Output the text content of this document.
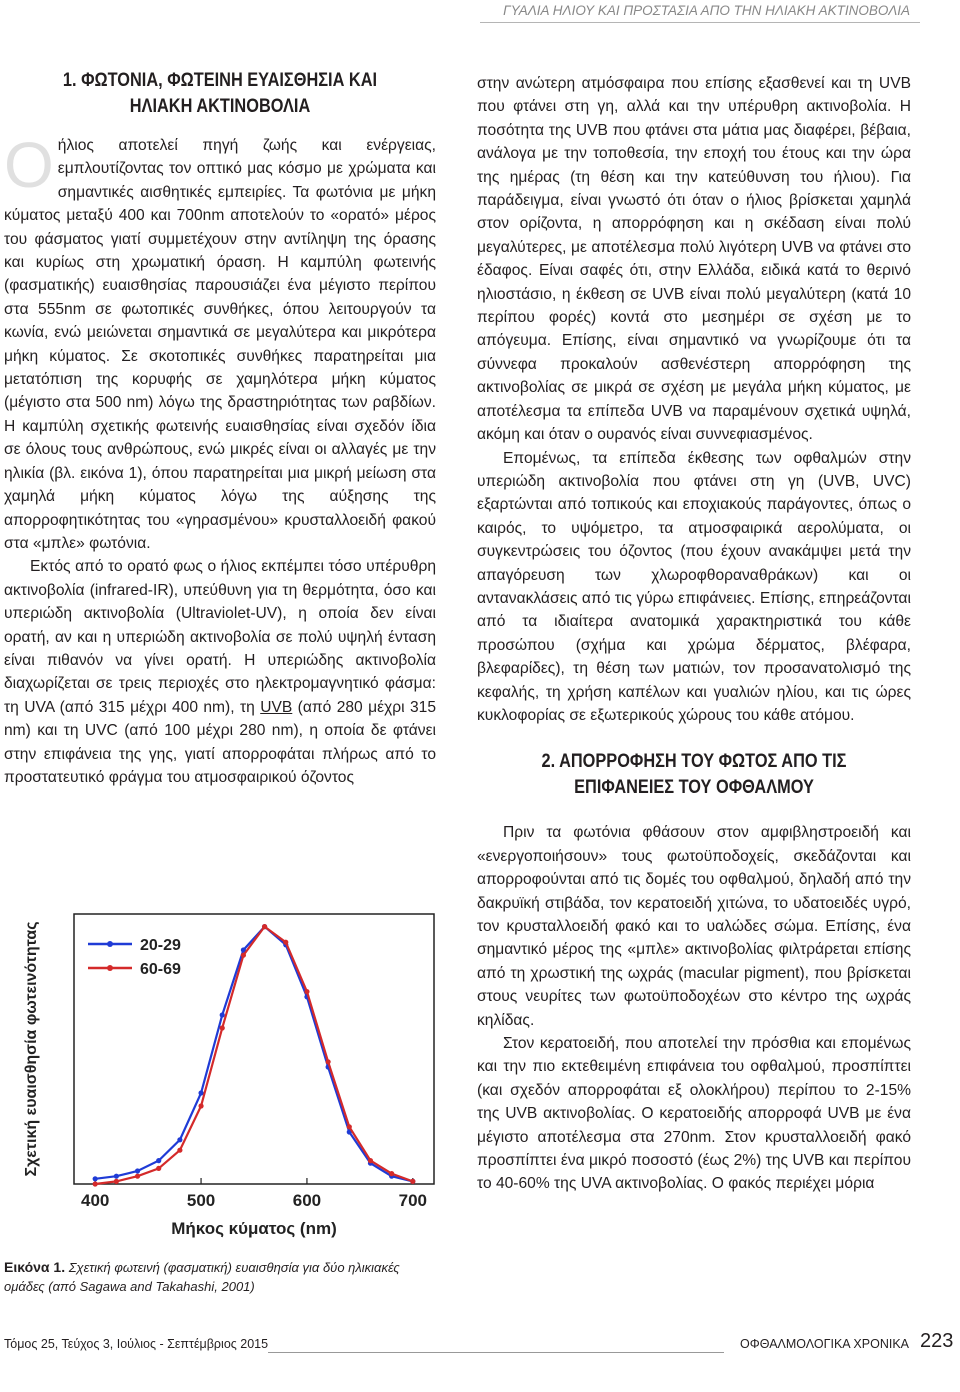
ΓΥΑΛΙΑ ΗΛΙΟΥ ΚΑΙ ΠΡΟΣΤΑΣΙΑ ΑΠΟ ΤΗΝ ΗΛΙΑΚΗ ΑΚΤΙΝΟΒΟΛΙΑ
1. ΦΩΤΟΝΙΑ, ΦΩΤΕΙΝΗ ΕΥΑΙΣΘΗΣΙΑ ΚΑΙ ΗΛΙΑΚΗ ΑΚΤΙΝΟΒΟΛΙΑ

Οήλιος αποτελεί πηγή ζωής και ενέργειας, εμπλουτίζοντας τον οπτικό μας κόσμο με χρώματα και σημαντικές αισθητικές εμπειρίες. Τα φωτόνια με μήκη κύματος μεταξύ 400 και 700nm αποτελούν το «ορατό» μέρος του φάσματος γιατί συμμετέχουν στην αντίληψη της όρασης και κυρίως στη χρωματική όραση. Η καμπύλη φωτεινής (φασματικής) ευαισθησίας παρουσιάζει ένα μέγιστο περίπου στα 555nm σε φωτοπικές συνθήκες, όπου λειτουργούν τα κωνία, ενώ μειώνεται σημαντικά σε μεγαλύτερα και μικρότερα μήκη κύματος. Σε σκοτοπικές συνθήκες παρατηρείται μια μετατόπιση της κορυφής σε χαμηλότερα μήκη κύματος (μέγιστο στα 500 nm) λόγω της δραστηριότητας των ραβδίων. Η καμπύλη σχετικής φωτεινής ευαισθησίας είναι σχεδόν ίδια σε όλους τους ανθρώπους, ενώ μικρές είναι οι αλλαγές με την ηλικία (βλ. εικόνα 1), όπου παρατηρείται μια μικρή μείωση στα χαμηλά μήκη κύματος λόγω της αύξησης της απορροφητικότητας του «γηρασμένου» κρυσταλλοειδή φακού στα «μπλε» φωτόνια.

Εκτός από το ορατό φως ο ήλιος εκπέμπει τόσο υπέρυθρη ακτινοβολία (infrared-IR), υπεύθυνη για τη θερμότητα, όσο και υπεριώδη ακτινοβολία (Ultraviolet-UV), η οποία δεν είναι ορατή, αν και η υπεριώδη ακτινοβολία σε πολύ υψηλή ένταση είναι πιθανόν να γίνει ορατή. Η υπεριώδης ακτινοβολία διαχωρίζεται σε τρεις περιοχές στο ηλεκτρομαγνητικό φάσμα: τη UVA (από 315 μέχρι 400 nm), τη UVB (από 280 μέχρι 315 nm) και τη UVC (από 100 μέχρι 280 nm), η οποία δε φτάνει στην επιφάνεια της γης, γιατί απορροφάται πλήρως από το προστατευτικό φράγμα του ατμοσφαιρικού όζοντος

στην ανώτερη ατμόσφαιρα που επίσης εξασθενεί και τη UVB που φτάνει στη γη, αλλά και την υπέρυθρη ακτινοβολία. Η ποσότητα της UVB που φτάνει στα μάτια μας διαφέρει, βέβαια, ανάλογα με την τοποθεσία, την εποχή του έτους και την ώρα της ημέρας (τη θέση και την κατεύθυνση του ήλιου). Για παράδειγμα, είναι γνωστό ότι όταν ο ήλιος βρίσκεται χαμηλά στον ορίζοντα, η απορρόφηση και η σκέδαση είναι πολύ μεγαλύτερες, με αποτέλεσμα πολύ λιγότερη UVB να φτάνει στο έδαφος. Είναι σαφές ότι, στην Ελλάδα, ειδικά κατά το θερινό ηλιοστάσιο, η έκθεση σε UVB είναι πολύ μεγαλύτερη (κατά 10 περίπου φορές) κοντά στο μεσημέρι σε σχέση με το απόγευμα. Επίσης, είναι σημαντικό να γνωρίζουμε ότι τα σύννεφα προκαλούν ασθενέστερη απορρόφηση της ακτινοβολίας σε μικρά σε σχέση με μεγάλα μήκη κύματος, με αποτέλεσμα τα επίπεδα UVB να παραμένουν σχετικά υψηλά, ακόμη και όταν ο ουρανός είναι συννεφιασμένος.

Επομένως, τα επίπεδα έκθεσης των οφθαλμών στην υπεριώδη ακτινοβολία που φτάνει στη γη (UVB, UVC) εξαρτώνται από τοπικούς και εποχιακούς παράγοντες, όπως ο καιρός, το υψόμετρο, τα ατμοσφαιρικά αερολύματα, οι συγκεντρώσεις του όζοντος (που έχουν ανακάμψει μετά την απαγόρευση των χλωροφθοραναθράκων) και οι αντανακλάσεις από τις γύρω επιφάνειες. Επίσης, επηρεάζονται από τα ιδιαίτερα ανατομικά χαρακτηριστικά του κάθε προσώπου (σχήμα και χρώμα δέρματος, βλέφαρα, βλεφαρίδες), τη θέση των ματιών, τον προσανατολισμό της κεφαλής, τη χρήση καπέλων και γυαλιών ηλίου, και τις ώρες κυκλοφορίας σε εξωτερικούς χώρους του κάθε ατόμου.

2. ΑΠΟΡΡΟΦΗΣΗ ΤΟΥ ΦΩΤΟΣ ΑΠΟ ΤΙΣ ΕΠΙΦΑΝΕΙΕΣ ΤΟΥ ΟΦΘΑΛΜΟΥ

Πριν τα φωτόνια φθάσουν στον αμφιβληστροειδή και «ενεργοποιήσουν» τους φωτοϋποδοχείς, σκεδάζονται και απορροφούνται από τις δομές του οφθαλμού, δηλαδή από την δακρυϊκή στιβάδα, τον κερατοειδή χιτώνα, το υδατοειδές υγρό, τον κρυσταλλοειδή φακό και το υαλώδες σώμα. Επίσης, ένα σημαντικό μέρος της «μπλε» ακτινοβολίας φιλτράρεται επίσης από τη χρωστική της ωχράς (macular pigment), που βρίσκεται στους νευρίτες των φωτοϋποδοχέων στο κέντρο της ωχράς κηλίδας.

Στον κερατοειδή, που αποτελεί την πρόσθια και επομένως και την πιο εκτεθειμένη επιφάνεια του οφθαλμού, προσπίπτει (και σχεδόν απορροφάται εξ ολοκλήρου) περίπου το 2-15% της UVB ακτινοβολίας. Ο κερατοειδής απορροφά UVB με ένα μέγιστο αποτέλεσμα στα 270nm. Στον κρυσταλλοειδή φακό προσπίπτει ένα μικρό ποσοστό (έως 2%) της UVB και περίπου το 40-60% της UVA ακτινοβολίας. Ο φακός περιέχει μόρια

400	500	600	700
Μήκος κύματος (nm)
Σχετική ευαισθησία φωτεινότητας	20-29
60-69
Εικόνα 1. Σχετική φωτεινή (φασματική) ευαισθησία για δύο ηλικιακές ομάδες (από Sagawa and Takahashi, 2001)
Τόμος 25, Τεύχος 3, Ιούλιος - Σεπτέμβριος 2015	ΟΦΘΑΛΜΟΛΟΓΙΚΑ ΧΡΟΝΙΚΑ 223
